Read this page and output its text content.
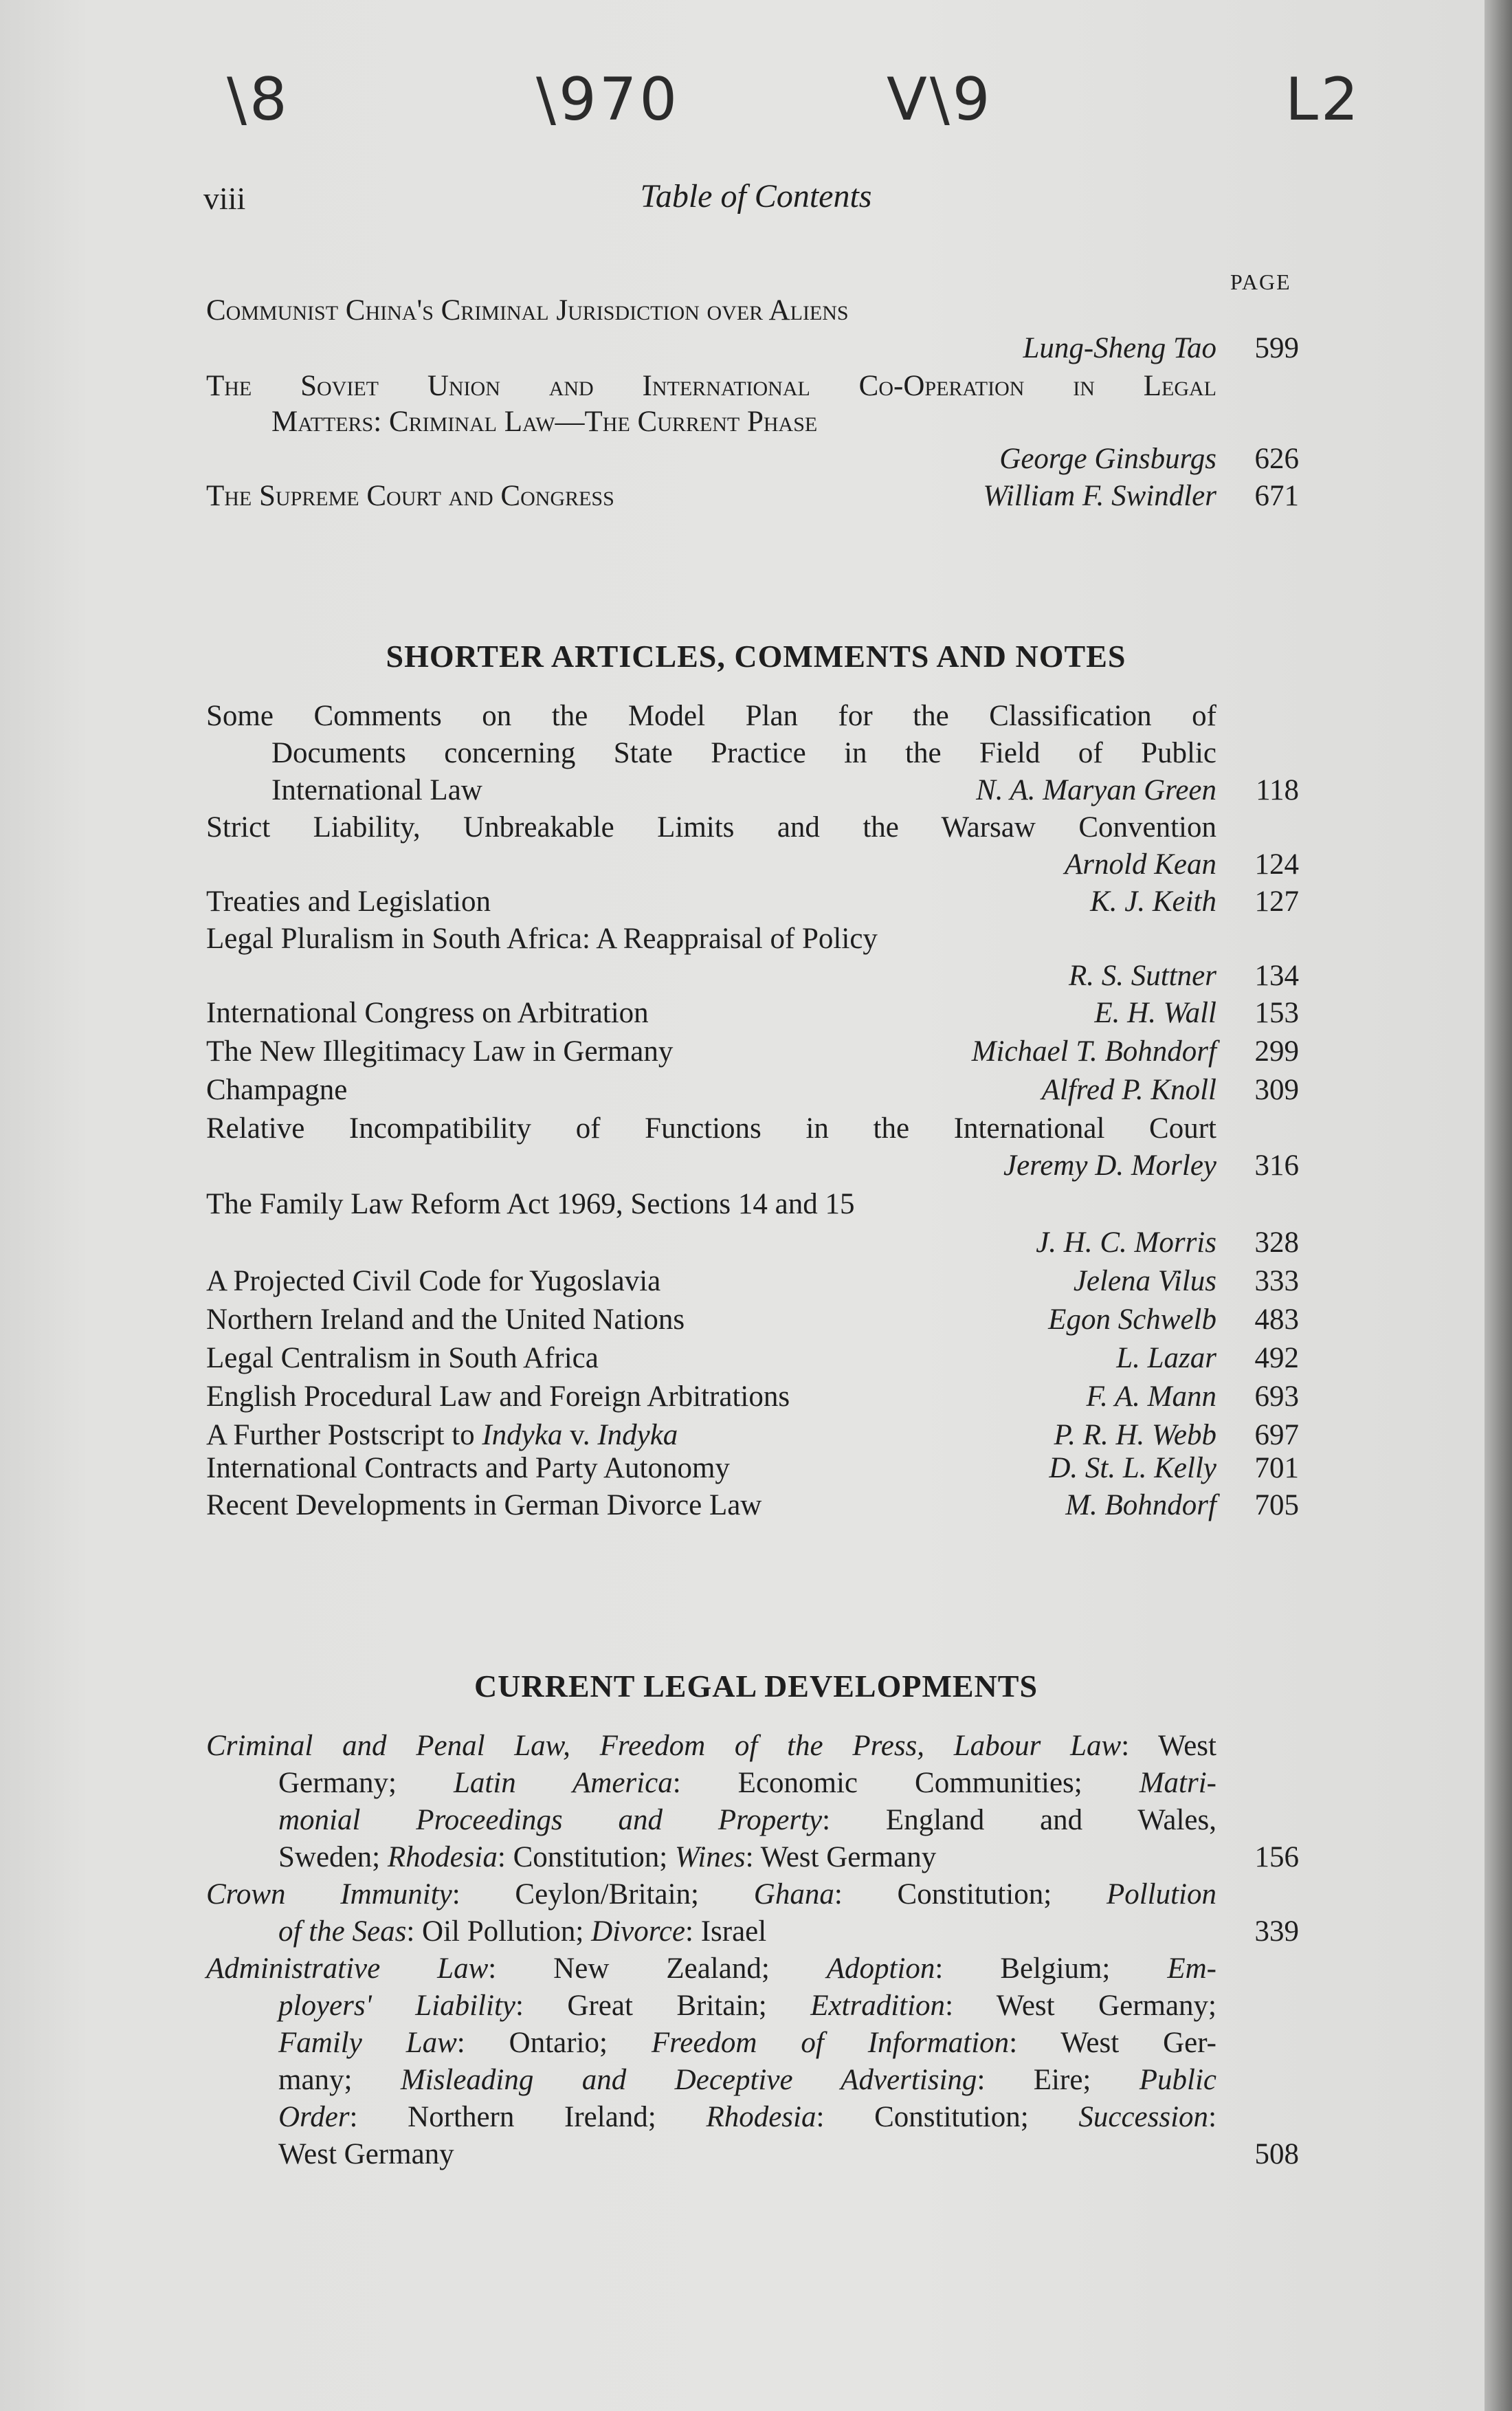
\8	\970	V\9	L2
viii	Table of Contents
PAGE
Communist China's Criminal Jurisdiction over Aliens
Lung-Sheng Tao	599
The Soviet Union and International Co-Operation in Legal
Matters: Criminal Law—The Current Phase
George Ginsburgs	626
The Supreme Court and Congress	William F. Swindler	671
SHORTER ARTICLES, COMMENTS AND NOTES
Some Comments on the Model Plan for the Classification of
Documents concerning State Practice in the Field of Public
International Law	N. A. Maryan Green	118
Strict Liability, Unbreakable Limits and the Warsaw Convention
Arnold Kean	124
Treaties and Legislation	K. J. Keith	127
Legal Pluralism in South Africa: A Reappraisal of Policy
R. S. Suttner	134
International Congress on Arbitration	E. H. Wall	153
The New Illegitimacy Law in Germany	Michael T. Bohndorf	299
Champagne	Alfred P. Knoll	309
Relative Incompatibility of Functions in the International Court
Jeremy D. Morley	316
The Family Law Reform Act 1969, Sections 14 and 15
J. H. C. Morris	328
A Projected Civil Code for Yugoslavia	Jelena Vilus	333
Northern Ireland and the United Nations	Egon Schwelb	483
Legal Centralism in South Africa	L. Lazar	492
English Procedural Law and Foreign Arbitrations	F. A. Mann	693
A Further Postscript to Indyka v. Indyka	P. R. H. Webb	697
International Contracts and Party Autonomy	D. St. L. Kelly	701
Recent Developments in German Divorce Law	M. Bohndorf	705
CURRENT LEGAL DEVELOPMENTS
Criminal and Penal Law, Freedom of the Press, Labour Law: West
Germany; Latin America: Economic Communities; Matri-
monial Proceedings and Property: England and Wales,
Sweden; Rhodesia: Constitution; Wines: West Germany	156
Crown Immunity: Ceylon/Britain; Ghana: Constitution; Pollution
of the Seas: Oil Pollution; Divorce: Israel	339
Administrative Law: New Zealand; Adoption: Belgium; Em-
ployers' Liability: Great Britain; Extradition: West Germany;
Family Law: Ontario; Freedom of Information: West Ger-
many; Misleading and Deceptive Advertising: Eire; Public
Order: Northern Ireland; Rhodesia: Constitution; Succession:
West Germany	508
